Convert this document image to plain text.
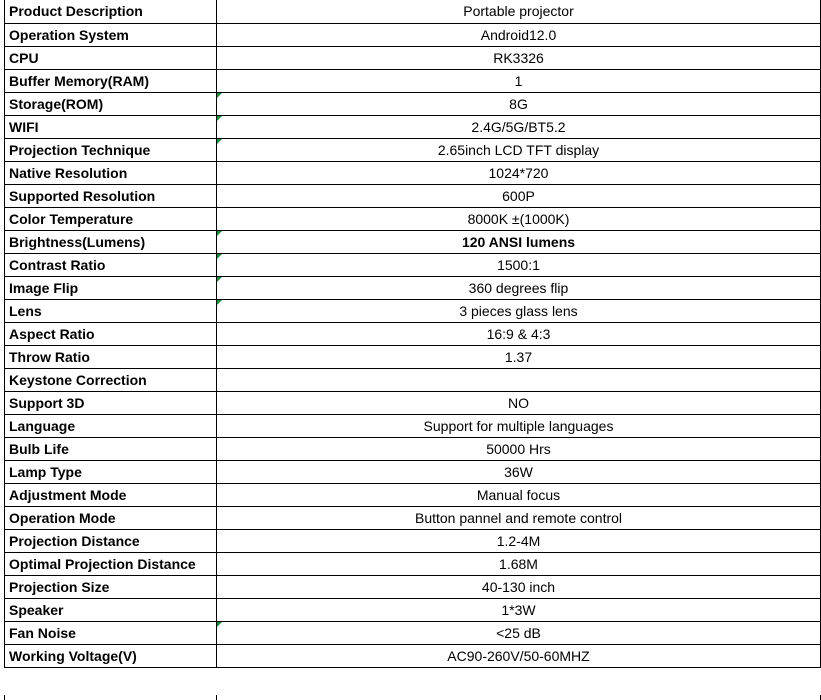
Product Description	Portable projector
Operation System	Android12.0
CPU	RK3326
Buffer Memory(RAM)	1
Storage(ROM)	8G

WIFI	2.4G/5G/BT5.2

Projection Technique	2.65inch LCD TFT display

Native Resolution	1024*720
Supported Resolution	600P
Color Temperature	8000K ±(1000K)
Brightness(Lumens)	120 ANSI lumens

Contrast Ratio	1500:1

Image Flip	360 degrees flip

Lens	3 pieces glass lens

Aspect Ratio	16:9 & 4:3
Throw Ratio	1.37
Keystone Correction	
Support 3D	NO
Language	Support for multiple languages
Bulb Life	50000 Hrs
Lamp Type	36W
Adjustment Mode	Manual focus
Operation Mode	Button pannel and remote control
Projection Distance	1.2-4M
Optimal Projection Distance	1.68M
Projection Size	40-130 inch
Speaker	1*3W
Fan Noise	<25 dB

Working Voltage(V)	AC90-260V/50-60MHZ
